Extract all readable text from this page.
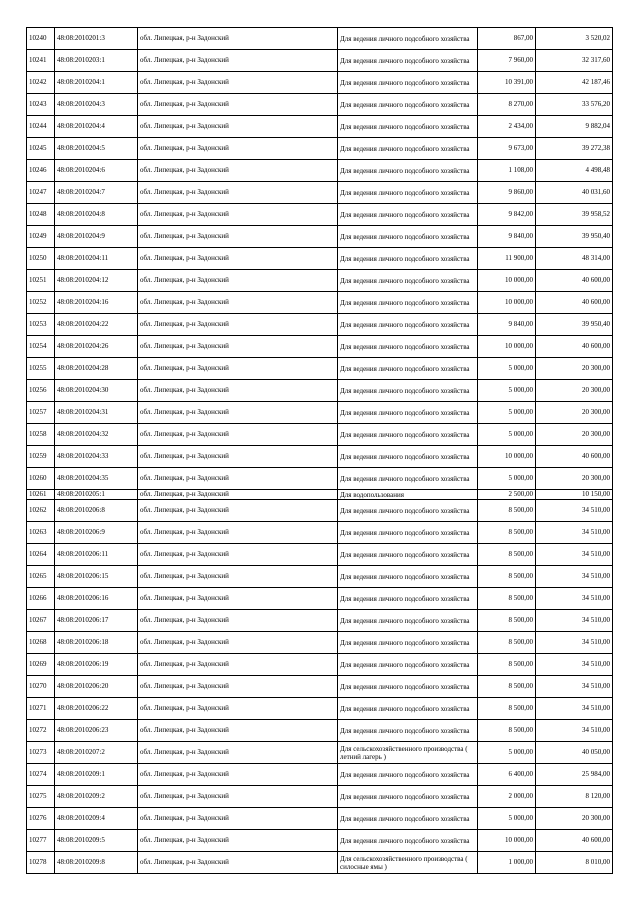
10240	48:08:2010201:3	обл. Липецкая, р-н Задонский	Для ведения личного подсобного хозяйства	867,00	3 520,02
10241	48:08:2010203:1	обл. Липецкая, р-н Задонский	Для ведения личного подсобного хозяйства	7 960,00	32 317,60
10242	48:08:2010204:1	обл. Липецкая, р-н Задонский	Для ведения личного подсобного хозяйства	10 391,00	42 187,46
10243	48:08:2010204:3	обл. Липецкая, р-н Задонский	Для ведения личного подсобного хозяйства	8 270,00	33 576,20
10244	48:08:2010204:4	обл. Липецкая, р-н Задонский	Для ведения личного подсобного хозяйства	2 434,00	9 882,04
10245	48:08:2010204:5	обл. Липецкая, р-н Задонский	Для ведения личного подсобного хозяйства	9 673,00	39 272,38
10246	48:08:2010204:6	обл. Липецкая, р-н Задонский	Для ведения личного подсобного хозяйства	1 108,00	4 498,48
10247	48:08:2010204:7	обл. Липецкая, р-н Задонский	Для ведения личного подсобного хозяйства	9 860,00	40 031,60
10248	48:08:2010204:8	обл. Липецкая, р-н Задонский	Для ведения личного подсобного хозяйства	9 842,00	39 958,52
10249	48:08:2010204:9	обл. Липецкая, р-н Задонский	Для ведения личного подсобного хозяйства	9 840,00	39 950,40
10250	48:08:2010204:11	обл. Липецкая, р-н Задонский	Для ведения личного подсобного хозяйства	11 900,00	48 314,00
10251	48:08:2010204:12	обл. Липецкая, р-н Задонский	Для ведения личного подсобного хозяйства	10 000,00	40 600,00
10252	48:08:2010204:16	обл. Липецкая, р-н Задонский	Для ведения личного подсобного хозяйства	10 000,00	40 600,00
10253	48:08:2010204:22	обл. Липецкая, р-н Задонский	Для ведения личного подсобного хозяйства	9 840,00	39 950,40
10254	48:08:2010204:26	обл. Липецкая, р-н Задонский	Для ведения личного подсобного хозяйства	10 000,00	40 600,00
10255	48:08:2010204:28	обл. Липецкая, р-н Задонский	Для ведения личного подсобного хозяйства	5 000,00	20 300,00
10256	48:08:2010204:30	обл. Липецкая, р-н Задонский	Для ведения личного подсобного хозяйства	5 000,00	20 300,00
10257	48:08:2010204:31	обл. Липецкая, р-н Задонский	Для ведения личного подсобного хозяйства	5 000,00	20 300,00
10258	48:08:2010204:32	обл. Липецкая, р-н Задонский	Для ведения личного подсобного хозяйства	5 000,00	20 300,00
10259	48:08:2010204:33	обл. Липецкая, р-н Задонский	Для ведения личного подсобного хозяйства	10 000,00	40 600,00
10260	48:08:2010204:35	обл. Липецкая, р-н Задонский	Для ведения личного подсобного хозяйства	5 000,00	20 300,00
10261	48:08:2010205:1	обл. Липецкая, р-н Задонский	Для водопользования	2 500,00	10 150,00
10262	48:08:2010206:8	обл. Липецкая, р-н Задонский	Для ведения личного подсобного хозяйства	8 500,00	34 510,00
10263	48:08:2010206:9	обл. Липецкая, р-н Задонский	Для ведения личного подсобного хозяйства	8 500,00	34 510,00
10264	48:08:2010206:11	обл. Липецкая, р-н Задонский	Для ведения личного подсобного хозяйства	8 500,00	34 510,00
10265	48:08:2010206:15	обл. Липецкая, р-н Задонский	Для ведения личного подсобного хозяйства	8 500,00	34 510,00
10266	48:08:2010206:16	обл. Липецкая, р-н Задонский	Для ведения личного подсобного хозяйства	8 500,00	34 510,00
10267	48:08:2010206:17	обл. Липецкая, р-н Задонский	Для ведения личного подсобного хозяйства	8 500,00	34 510,00
10268	48:08:2010206:18	обл. Липецкая, р-н Задонский	Для ведения личного подсобного хозяйства	8 500,00	34 510,00
10269	48:08:2010206:19	обл. Липецкая, р-н Задонский	Для ведения личного подсобного хозяйства	8 500,00	34 510,00
10270	48:08:2010206:20	обл. Липецкая, р-н Задонский	Для ведения личного подсобного хозяйства	8 500,00	34 510,00
10271	48:08:2010206:22	обл. Липецкая, р-н Задонский	Для ведения личного подсобного хозяйства	8 500,00	34 510,00
10272	48:08:2010206:23	обл. Липецкая, р-н Задонский	Для ведения личного подсобного хозяйства	8 500,00	34 510,00
10273	48:08:2010207:2	обл. Липецкая, р-н Задонский	Для сельскохозяйственного производства ( летний лагерь )	5 000,00	40 050,00
10274	48:08:2010209:1	обл. Липецкая, р-н Задонский	Для ведения личного подсобного хозяйства	6 400,00	25 984,00
10275	48:08:2010209:2	обл. Липецкая, р-н Задонский	Для ведения личного подсобного хозяйства	2 000,00	8 120,00
10276	48:08:2010209:4	обл. Липецкая, р-н Задонский	Для ведения личного подсобного хозяйства	5 000,00	20 300,00
10277	48:08:2010209:5	обл. Липецкая, р-н Задонский	Для ведения личного подсобного хозяйства	10 000,00	40 600,00
10278	48:08:2010209:8	обл. Липецкая, р-н Задонский	Для сельскохозяйственного производства ( силосные ямы )	1 000,00	8 010,00
